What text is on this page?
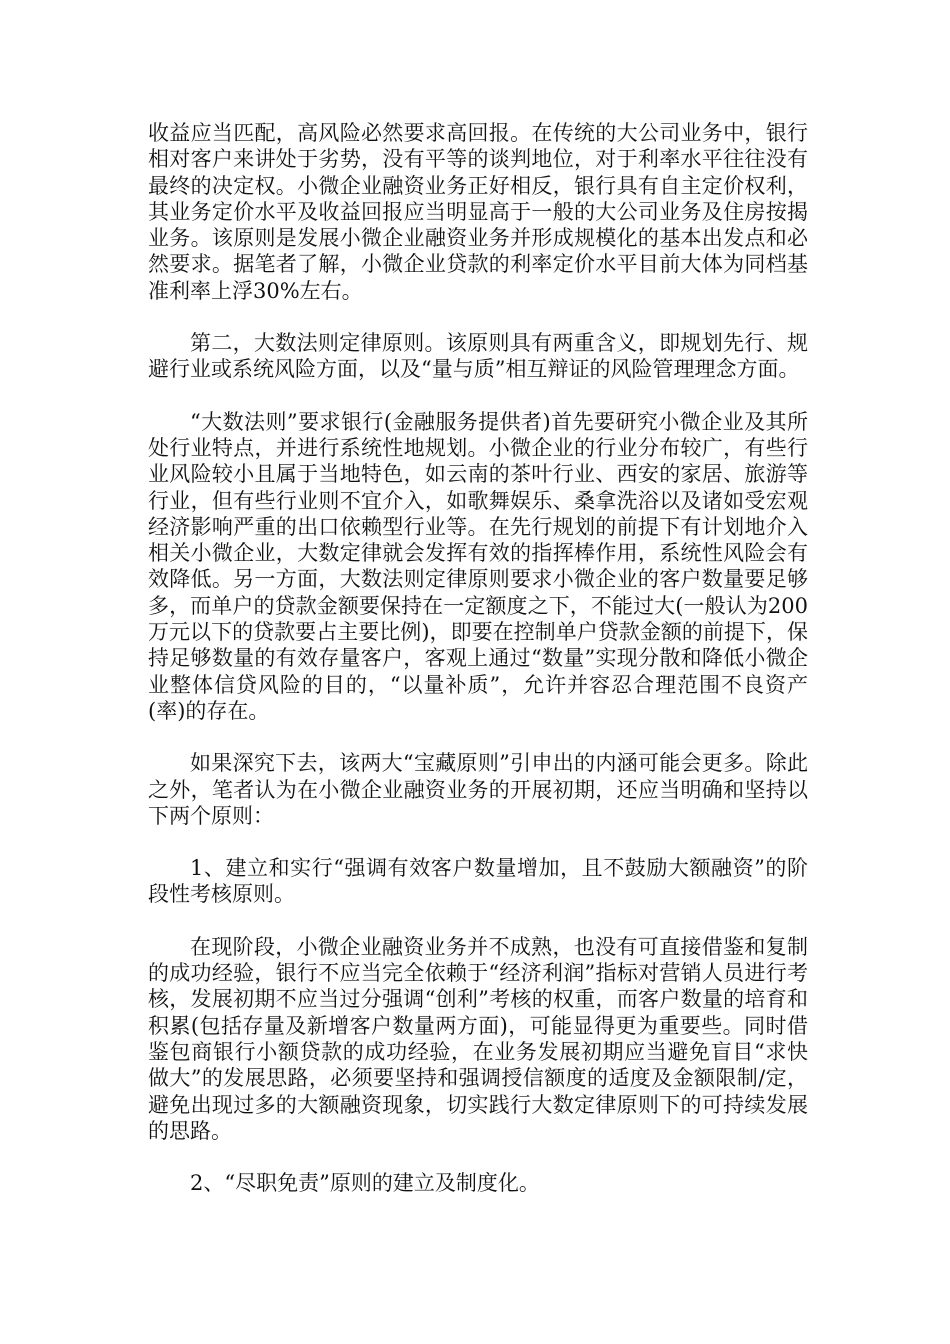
收益应当匹配，高风险必然要求高回报。在传统的大公司业务中，银行相对客户来讲处于劣势，没有平等的谈判地位，对于利率水平往往没有最终的决定权。小微企业融资业务正好相反，银行具有自主定价权利，其业务定价水平及收益回报应当明显高于一般的大公司业务及住房按揭业务。该原则是发展小微企业融资业务并形成规模化的基本出发点和必然要求。据笔者了解，小微企业贷款的利率定价水平目前大体为同档基准利率上浮30%左右。

第二，大数法则定律原则。该原则具有两重含义，即规划先行、规避行业或系统风险方面，以及“量与质”相互辩证的风险管理理念方面。

“大数法则”要求银行(金融服务提供者)首先要研究小微企业及其所处行业特点，并进行系统性地规划。小微企业的行业分布较广，有些行业风险较小且属于当地特色，如云南的茶叶行业、西安的家居、旅游等行业，但有些行业则不宜介入，如歌舞娱乐、桑拿洗浴以及诸如受宏观经济影响严重的出口依赖型行业等。在先行规划的前提下有计划地介入相关小微企业，大数定律就会发挥有效的指挥棒作用，系统性风险会有效降低。另一方面，大数法则定律原则要求小微企业的客户数量要足够多，而单户的贷款金额要保持在一定额度之下，不能过大(一般认为200万元以下的贷款要占主要比例)，即要在控制单户贷款金额的前提下，保持足够数量的有效存量客户，客观上通过“数量”实现分散和降低小微企业整体信贷风险的目的，“以量补质”，允许并容忍合理范围不良资产(率)的存在。

如果深究下去，该两大“宝藏原则”引申出的内涵可能会更多。除此之外，笔者认为在小微企业融资业务的开展初期，还应当明确和坚持以下两个原则：

1、建立和实行“强调有效客户数量增加，且不鼓励大额融资”的阶段性考核原则。

在现阶段，小微企业融资业务并不成熟，也没有可直接借鉴和复制的成功经验，银行不应当完全依赖于“经济利润”指标对营销人员进行考核，发展初期不应当过分强调“创利”考核的权重，而客户数量的培育和积累(包括存量及新增客户数量两方面)，可能显得更为重要些。同时借鉴包商银行小额贷款的成功经验，在业务发展初期应当避免盲目“求快做大”的发展思路，必须要坚持和强调授信额度的适度及金额限制/定，避免出现过多的大额融资现象，切实践行大数定律原则下的可持续发展的思路。

2、“尽职免责”原则的建立及制度化。
